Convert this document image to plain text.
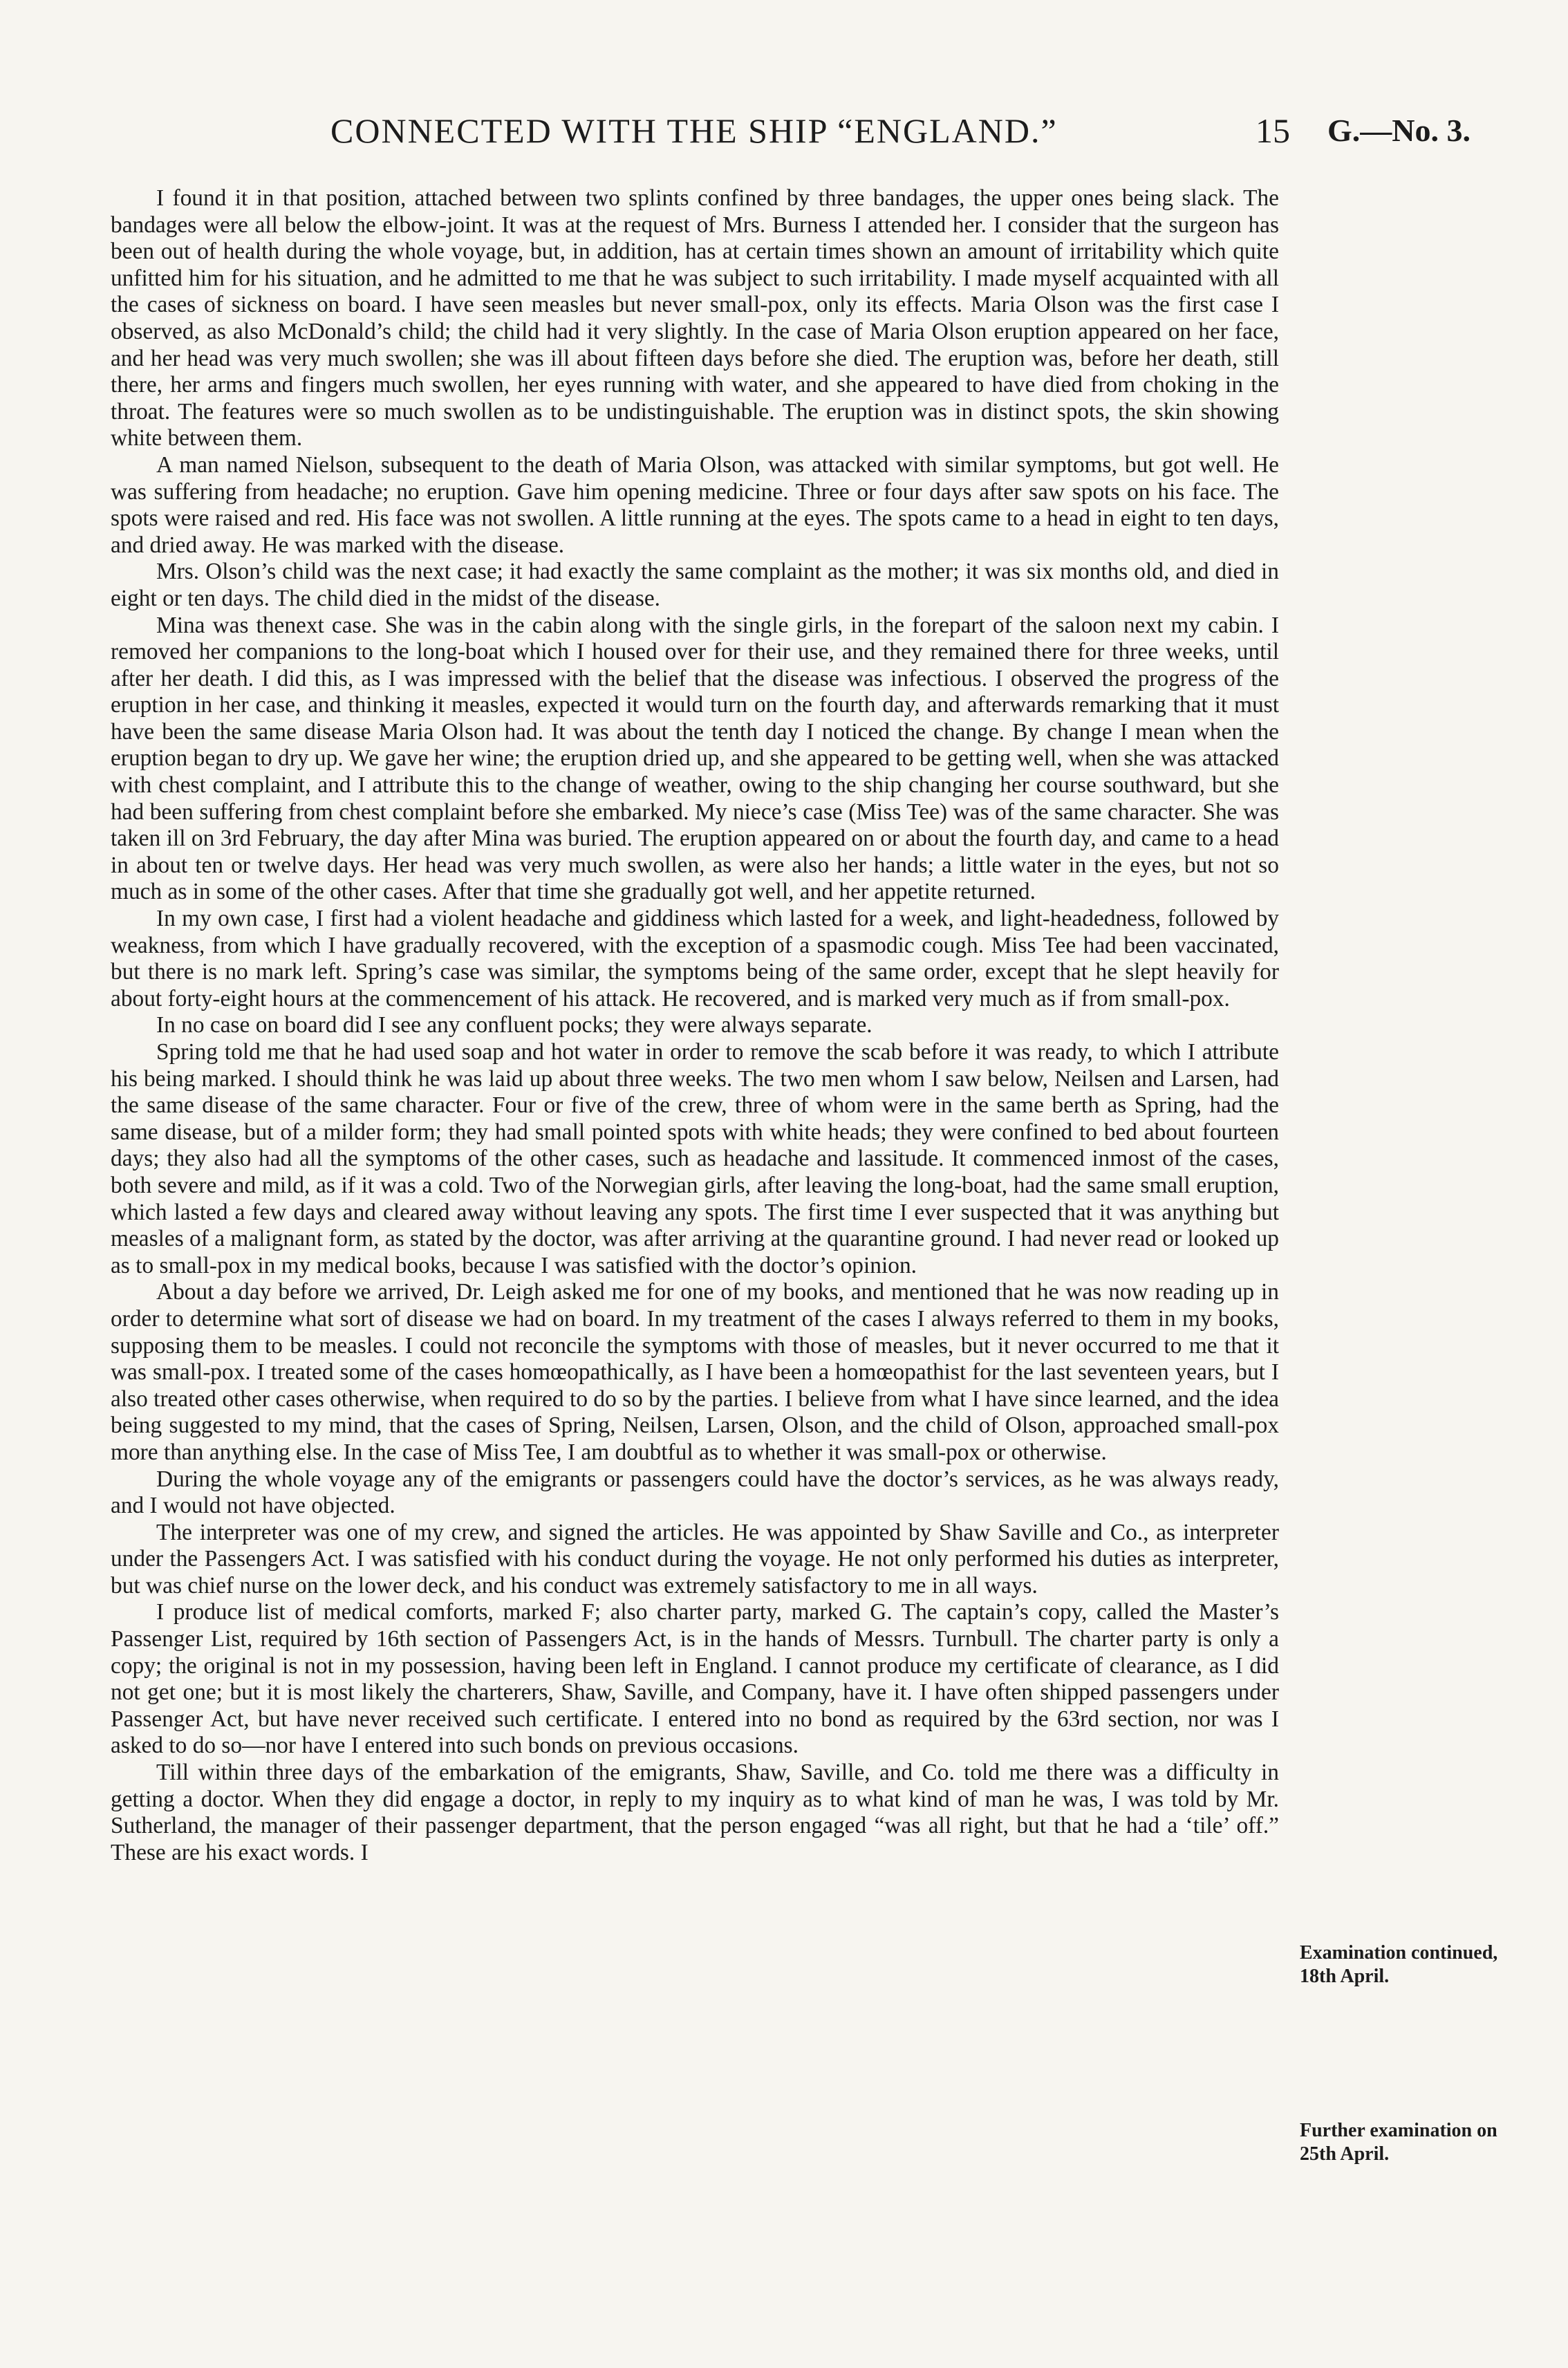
CONNECTED WITH THE SHIP “ENGLAND.”	15 G.—No. 3.

I found it in that position, attached between two splints confined by three bandages, the upper ones being slack. The bandages were all below the elbow-joint. It was at the request of Mrs. Burness I attended her. I consider that the surgeon has been out of health during the whole voyage, but, in addition, has at certain times shown an amount of irritability which quite unfitted him for his situation, and he admitted to me that he was subject to such irritability. I made myself acquainted with all the cases of sickness on board. I have seen measles but never small-pox, only its effects. Maria Olson was the first case I observed, as also McDonald’s child; the child had it very slightly. In the case of Maria Olson eruption appeared on her face, and her head was very much swollen; she was ill about fifteen days before she died. The eruption was, before her death, still there, her arms and fingers much swollen, her eyes running with water, and she appeared to have died from choking in the throat. The features were so much swollen as to be undistinguishable. The eruption was in distinct spots, the skin showing white between them.

A man named Nielson, subsequent to the death of Maria Olson, was attacked with similar symptoms, but got well. He was suffering from headache; no eruption. Gave him opening medicine. Three or four days after saw spots on his face. The spots were raised and red. His face was not swollen. A little running at the eyes. The spots came to a head in eight to ten days, and dried away. He was marked with the disease.

Mrs. Olson’s child was the next case; it had exactly the same complaint as the mother; it was six months old, and died in eight or ten days. The child died in the midst of the disease.

Mina was thenext case. She was in the cabin along with the single girls, in the forepart of the saloon next my cabin. I removed her companions to the long-boat which I housed over for their use, and they remained there for three weeks, until after her death. I did this, as I was impressed with the belief that the disease was infectious. I observed the progress of the eruption in her case, and thinking it measles, expected it would turn on the fourth day, and afterwards remarking that it must have been the same disease Maria Olson had. It was about the tenth day I noticed the change. By change I mean when the eruption began to dry up. We gave her wine; the eruption dried up, and she appeared to be getting well, when she was attacked with chest complaint, and I attribute this to the change of weather, owing to the ship changing her course southward, but she had been suffering from chest complaint before she embarked. My niece’s case (Miss Tee) was of the same character. She was taken ill on 3rd February, the day after Mina was buried. The eruption appeared on or about the fourth day, and came to a head in about ten or twelve days. Her head was very much swollen, as were also her hands; a little water in the eyes, but not so much as in some of the other cases. After that time she gradually got well, and her appetite returned.

In my own case, I first had a violent headache and giddiness which lasted for a week, and light-headedness, followed by weakness, from which I have gradually recovered, with the exception of a spasmodic cough. Miss Tee had been vaccinated, but there is no mark left. Spring’s case was similar, the symptoms being of the same order, except that he slept heavily for about forty-eight hours at the commencement of his attack. He recovered, and is marked very much as if from small-pox.

In no case on board did I see any confluent pocks; they were always separate.

Spring told me that he had used soap and hot water in order to remove the scab before it was ready, to which I attribute his being marked. I should think he was laid up about three weeks. The two men whom I saw below, Neilsen and Larsen, had the same disease of the same character. Four or five of the crew, three of whom were in the same berth as Spring, had the same disease, but of a milder form; they had small pointed spots with white heads; they were confined to bed about fourteen days; they also had all the symptoms of the other cases, such as headache and lassitude. It commenced inmost of the cases, both severe and mild, as if it was a cold. Two of the Norwegian girls, after leaving the long-boat, had the same small eruption, which lasted a few days and cleared away without leaving any spots. The first time I ever suspected that it was anything but measles of a malignant form, as stated by the doctor, was after arriving at the quarantine ground. I had never read or looked up as to small-pox in my medical books, because I was satisfied with the doctor’s opinion.

About a day before we arrived, Dr. Leigh asked me for one of my books, and mentioned that he was now reading up in order to determine what sort of disease we had on board. In my treatment of the cases I always referred to them in my books, supposing them to be measles. I could not reconcile the symptoms with those of measles, but it never occurred to me that it was small-pox. I treated some of the cases homœopathically, as I have been a homœopathist for the last seventeen years, but I also treated other cases otherwise, when required to do so by the parties. I believe from what I have since learned, and the idea being suggested to my mind, that the cases of Spring, Neilsen, Larsen, Olson, and the child of Olson, approached small-pox more than anything else. In the case of Miss Tee, I am doubtful as to whether it was small-pox or otherwise.

During the whole voyage any of the emigrants or passengers could have the doctor’s services, as he was always ready, and I would not have objected.

The interpreter was one of my crew, and signed the articles. He was appointed by Shaw Saville and Co., as interpreter under the Passengers Act. I was satisfied with his conduct during the voyage. He not only performed his duties as interpreter, but was chief nurse on the lower deck, and his conduct was extremely satisfactory to me in all ways.

I produce list of medical comforts, marked F; also charter party, marked G. The captain’s copy, called the Master’s Passenger List, required by 16th section of Passengers Act, is in the hands of Messrs. Turnbull. The charter party is only a copy; the original is not in my possession, having been left in England. I cannot produce my certificate of clearance, as I did not get one; but it is most likely the charterers, Shaw, Saville, and Company, have it. I have often shipped passengers under Passenger Act, but have never received such certificate. I entered into no bond as required by the 63rd section, nor was I asked to do so—nor have I entered into such bonds on previous occasions.

Till within three days of the embarkation of the emigrants, Shaw, Saville, and Co. told me there was a difficulty in getting a doctor. When they did engage a doctor, in reply to my inquiry as to what kind of man he was, I was told by Mr. Sutherland, the manager of their passenger department, that the person engaged “was all right, but that he had a ‘tile’ off.” These are his exact words. I

Examination continued, 18th April.
Further examination on 25th April.
